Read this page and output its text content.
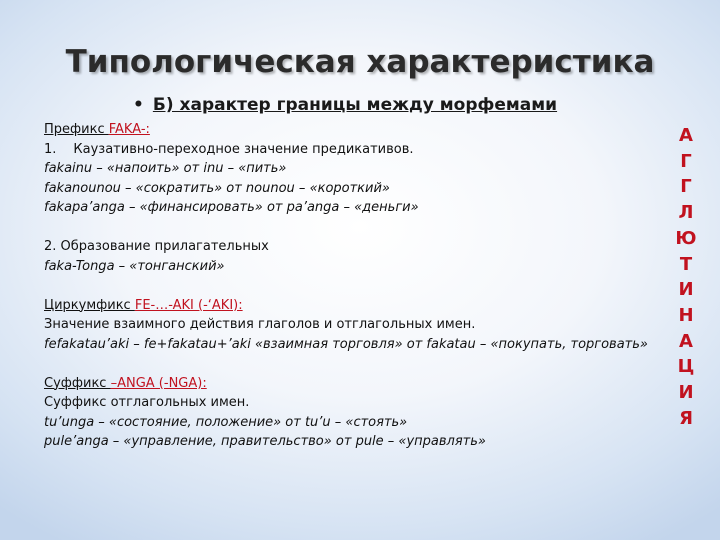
Типологическая характеристика
• Б) характер границы между морфемами
Префикс FAKA-:
1. Каузативно-переходное значение предикативов.
fakainu – «напоить» от inu – «пить»
fakanounou – «сократить» от nounou – «короткий»
fakapa’anga – «финансировать» от pa’anga – «деньги»
2. Образование прилагательных
faka-Tonga – «тонганский»
Циркумфикс FE-…-AKI (-‘AKI):
Значение взаимного действия глаголов и отглагольных имен.
fefakatau’aki – fe+fakatau+’aki «взаимная торговля» от fakatau – «покупать, торговать»
Суффикс –ANGA (-NGA):
Суффикс отглагольных имен.
tu’unga – «состояние, положение» от tu’u – «стоять»
pule’anga – «управление, правительство» от pule – «управлять»
А
Г
Г
Л
Ю
Т
И
Н
А
Ц
И
Я
